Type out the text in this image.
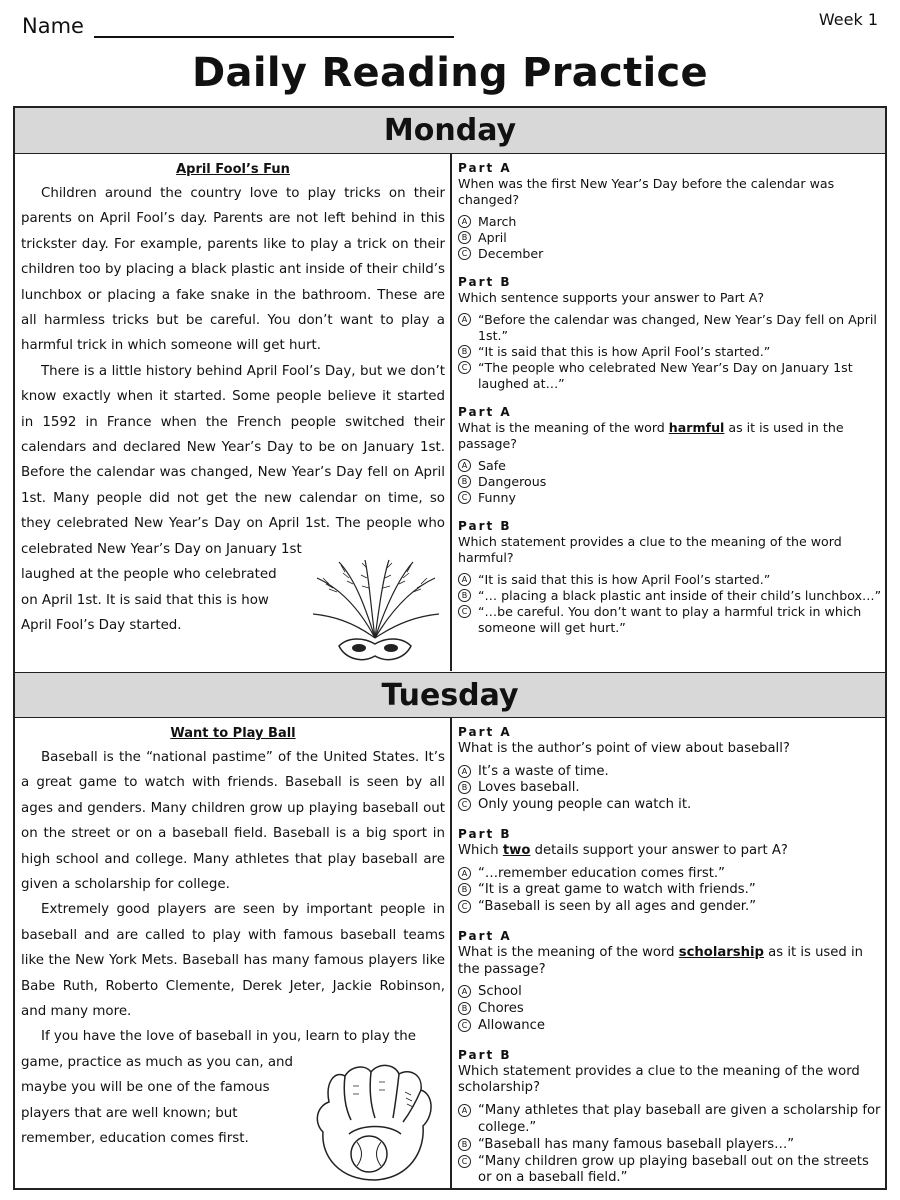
Name	Week 1
Daily Reading Practice
Monday
April Fool’s Fun

Children around the country love to play tricks on their parents on April Fool’s day. Parents are not left behind in this trickster day. For example, parents like to play a trick on their children too by placing a black plastic ant inside of their child’s lunchbox or placing a fake snake in the bathroom. These are all harmless tricks but be careful. You don’t want to play a harmful trick in which someone will get hurt.

There is a little history behind April Fool’s Day, but we don’t know exactly when it started. Some people believe it started in 1592 in France when the French people switched their calendars and declared New Year’s Day to be on January 1st. Before the calendar was changed, New Year’s Day fell on April 1st. Many people did not get the new calendar on time, so they celebrated New Year’s Day on April 1st. The people who celebrated New Year’s Day on January 1st

laughed at the people who celebrated on April 1st. It is said that this is how April Fool’s Day started.

Part A
When was the first New Year’s Day before the calendar was changed?
A March
B April
C December
Part B
Which sentence supports your answer to Part A?
A “Before the calendar was changed, New Year’s Day fell on April 1st.”
B “It is said that this is how April Fool’s started.”
C “The people who celebrated New Year’s Day on January 1st laughed at…”
Part A
What is the meaning of the word harmful as it is used in the passage?
A Safe
B Dangerous
C Funny
Part B
Which statement provides a clue to the meaning of the word harmful?
A “It is said that this is how April Fool’s started.”
B “… placing a black plastic ant inside of their child’s lunchbox…”
C “…be careful. You don’t want to play a harmful trick in which someone will get hurt.”
Tuesday
Want to Play Ball

Baseball is the “national pastime” of the United States. It’s a great game to watch with friends. Baseball is seen by all ages and genders. Many children grow up playing baseball out on the street or on a baseball field. Baseball is a big sport in high school and college. Many athletes that play baseball are given a scholarship for college.

Extremely good players are seen by important people in baseball and are called to play with famous baseball teams like the New York Mets. Baseball has many famous players like Babe Ruth, Roberto Clemente, Derek Jeter, Jackie Robinson, and many more.

If you have the love of baseball in you, learn to play the

game, practice as much as you can, and maybe you will be one of the famous players that are well known; but remember, education comes first.

Part A
What is the author’s point of view about baseball?
A It’s a waste of time.
B Loves baseball.
C Only young people can watch it.
Part B
Which two details support your answer to part A?
A “…remember education comes first.”
B “It is a great game to watch with friends.”
C “Baseball is seen by all ages and gender.”
Part A
What is the meaning of the word scholarship as it is used in the passage?
A School
B Chores
C Allowance
Part B
Which statement provides a clue to the meaning of the word scholarship?
A “Many athletes that play baseball are given a scholarship for college.”
B “Baseball has many famous baseball players…”
C “Many children grow up playing baseball out on the streets or on a baseball field.”
